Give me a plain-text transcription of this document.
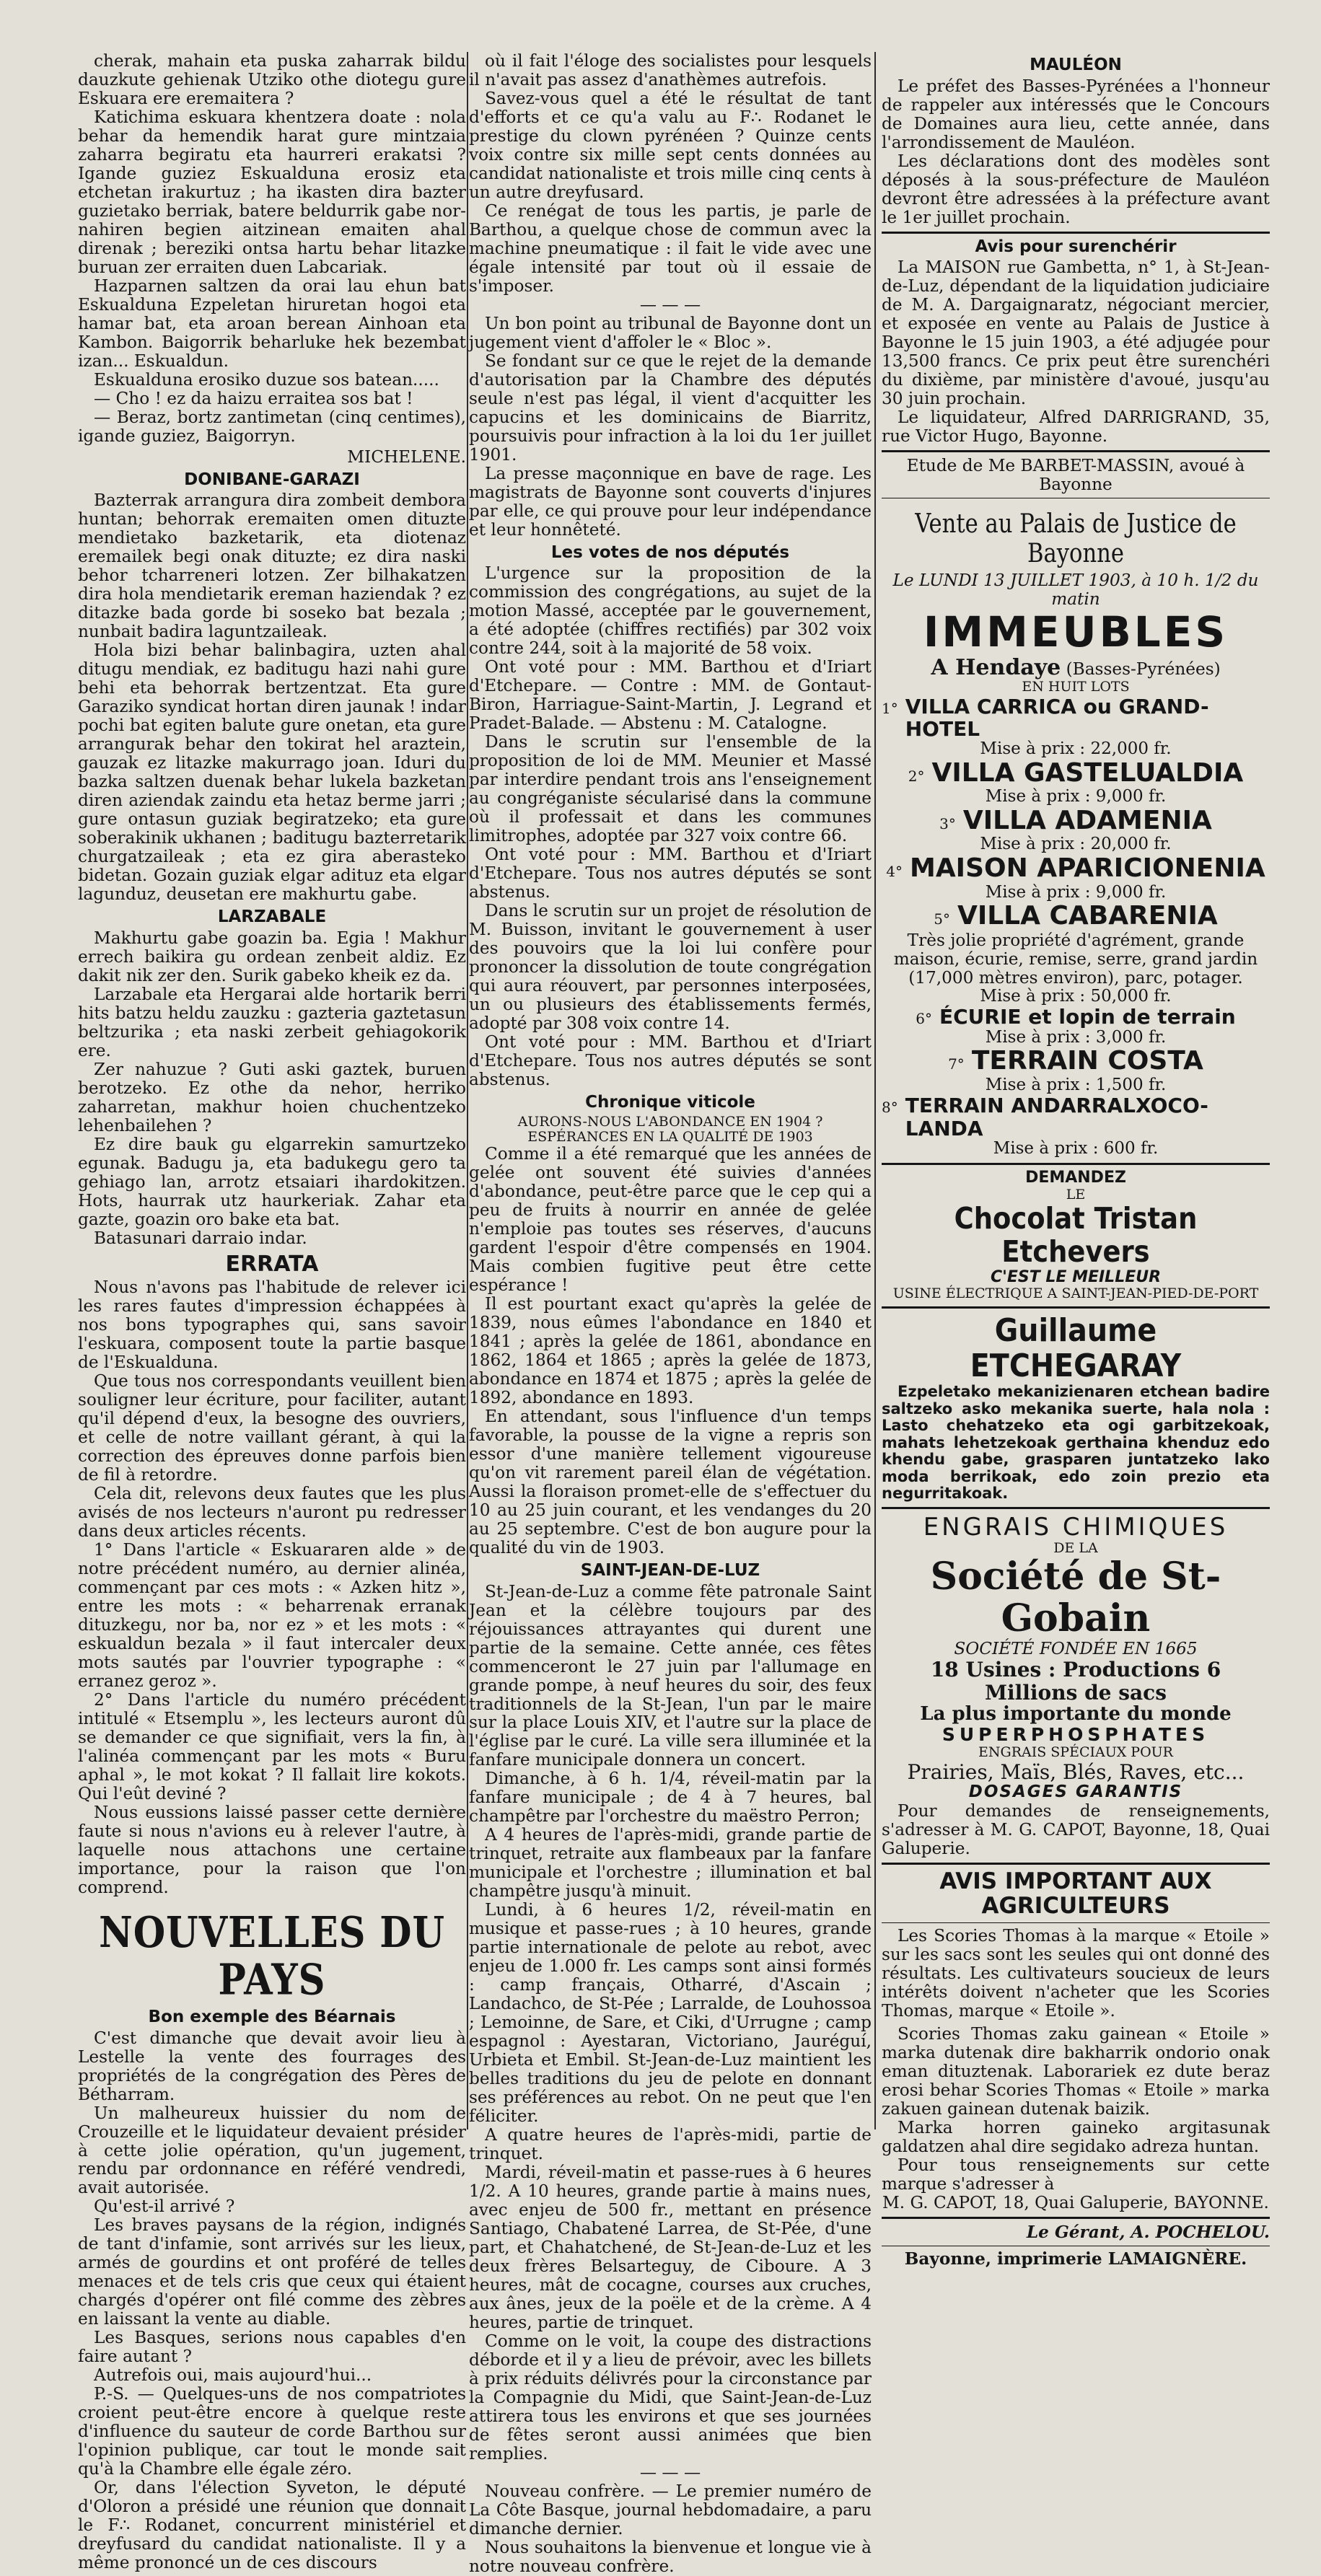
cherak, mahain eta puska zaharrak bildu dauzkute gehienak Utziko othe diotegu gure Eskuara ere eremaitera ?

Katichima eskuara khentzera doate : nola behar da hemendik harat gure mintzaia zaharra begiratu eta haurreri erakatsi ? Igande guziez Eskualduna erosiz eta etchetan irakurtuz ; ha ikasten dira bazter guzietako berriak, batere beldurrik gabe nor-nahiren begien aitzinean emaiten ahal direnak ; bereziki ontsa hartu behar litazke buruan zer erraiten duen Labcariak.

Hazparnen saltzen da orai lau ehun bat Eskualduna Ezpeletan hiruretan hogoi eta hamar bat, eta aroan berean Ainhoan eta Kambon. Baigorrik beharluke hek bezembat izan... Eskualdun.

Eskualduna erosiko duzue sos batean.....

— Cho ! ez da haizu erraitea sos bat !

— Beraz, bortz zantimetan (cinq centimes), igande guziez, Baigorryn.

MICHELENE.
DONIBANE-GARAZI

Bazterrak arrangura dira zombeit dembora huntan; behorrak eremaiten omen dituzte mendietako bazketarik, eta diotenaz eremailek begi onak dituzte; ez dira naski behor tcharreneri lotzen. Zer bilhakatzen dira hola mendietarik ereman haziendak ? ez ditazke bada gorde bi soseko bat bezala ; nunbait badira laguntzaileak.

Hola bizi behar balinbagira, uzten ahal ditugu mendiak, ez baditugu hazi nahi gure behi eta behorrak bertzentzat. Eta gure Garaziko syndicat hortan diren jaunak ! indar pochi bat egiten balute gure onetan, eta gure arrangurak behar den tokirat hel araztein, gauzak ez litazke makurrago joan. Iduri du bazka saltzen duenak behar lukela bazketan diren aziendak zaindu eta hetaz berme jarri ; gure ontasun guziak begiratzeko; eta gure soberakinik ukhanen ; baditugu bazterretarik churgatzaileak ; eta ez gira aberasteko bidetan. Gozain guziak elgar adituz eta elgar lagunduz, deusetan ere makhurtu gabe.

LARZABALE

Makhurtu gabe goazin ba. Egia ! Makhur errech baikira gu ordean zenbeit aldiz. Ez dakit nik zer den. Surik gabeko kheik ez da.

Larzabale eta Hergarai alde hortarik berri hits batzu heldu zauzku : gazteria gaztetasun beltzurika ; eta naski zerbeit gehiagokorik ere.

Zer nahuzue ? Guti aski gaztek, buruen berotzeko. Ez othe da nehor, herriko zaharretan, makhur hoien chuchentzeko lehenbailehen ?

Ez dire bauk gu elgarrekin samurtzeko egunak. Badugu ja, eta badukegu gero ta gehiago lan, arrotz etsaiari ihardokitzen. Hots, haurrak utz haurkeriak. Zahar eta gazte, goazin oro bake eta bat.

Batasunari darraio indar.

ERRATA

Nous n'avons pas l'habitude de relever ici les rares fautes d'impression échappées à nos bons typographes qui, sans savoir l'eskuara, composent toute la partie basque de l'Eskualduna.

Que tous nos correspondants veuillent bien souligner leur écriture, pour faciliter, autant qu'il dépend d'eux, la besogne des ouvriers, et celle de notre vaillant gérant, à qui la correction des épreuves donne parfois bien de fil à retordre.

Cela dit, relevons deux fautes que les plus avisés de nos lecteurs n'auront pu redresser dans deux articles récents.

1° Dans l'article « Eskuararen alde » de notre précédent numéro, au dernier alinéa, commençant par ces mots : « Azken hitz », entre les mots : « beharrenak erranak dituzkegu, nor ba, nor ez » et les mots : « eskualdun bezala » il faut intercaler deux mots sautés par l'ouvrier typographe : « erranez geroz ».

2° Dans l'article du numéro précédent intitulé « Etsemplu », les lecteurs auront dû se demander ce que signifiait, vers la fin, à l'alinéa commençant par les mots « Buru aphal », le mot kokat ? Il fallait lire kokots. Qui l'eût deviné ?

Nous eussions laissé passer cette dernière faute si nous n'avions eu à relever l'autre, à laquelle nous attachons une certaine importance, pour la raison que l'on comprend.

NOUVELLES DU PAYS
Bon exemple des Béarnais

C'est dimanche que devait avoir lieu à Lestelle la vente des fourrages des propriétés de la congrégation des Pères de Bétharram.

Un malheureux huissier du nom de Crouzeille et le liquidateur devaient présider à cette jolie opération, qu'un jugement, rendu par ordonnance en référé vendredi, avait autorisée.

Qu'est-il arrivé ?

Les braves paysans de la région, indignés de tant d'infamie, sont arrivés sur les lieux, armés de gourdins et ont proféré de telles menaces et de tels cris que ceux qui étaient chargés d'opérer ont filé comme des zèbres en laissant la vente au diable.

Les Basques, serions nous capables d'en faire autant ?

Autrefois oui, mais aujourd'hui...

P.-S. — Quelques-uns de nos compatriotes croient peut-être encore à quelque reste d'influence du sauteur de corde Barthou sur l'opinion publique, car tout le monde sait qu'à la Chambre elle égale zéro.

Or, dans l'élection Syveton, le député d'Oloron a présidé une réunion que donnait le F∴ Rodanet, concurrent ministériel et dreyfusard du candidat nationaliste. Il y a même prononcé un de ces discours

où il fait l'éloge des socialistes pour lesquels il n'avait pas assez d'anathèmes autrefois.

Savez-vous quel a été le résultat de tant d'efforts et ce qu'a valu au F∴ Rodanet le prestige du clown pyrénéen ? Quinze cents voix contre six mille sept cents données au candidat nationaliste et trois mille cinq cents à un autre dreyfusard.

Ce renégat de tous les partis, je parle de Barthou, a quelque chose de commun avec la machine pneumatique : il fait le vide avec une égale intensité par tout où il essaie de s'imposer.

— — —

Un bon point au tribunal de Bayonne dont un jugement vient d'affoler le « Bloc ».

Se fondant sur ce que le rejet de la demande d'autorisation par la Chambre des députés seule n'est pas légal, il vient d'acquitter les capucins et les dominicains de Biarritz, poursuivis pour infraction à la loi du 1er juillet 1901.

La presse maçonnique en bave de rage. Les magistrats de Bayonne sont couverts d'injures par elle, ce qui prouve pour leur indépendance et leur honnêteté.

Les votes de nos députés

L'urgence sur la proposition de la commission des congrégations, au sujet de la motion Massé, acceptée par le gouvernement, a été adoptée (chiffres rectifiés) par 302 voix contre 244, soit à la majorité de 58 voix.

Ont voté pour : MM. Barthou et d'Iriart d'Etchepare. — Contre : MM. de Gontaut-Biron, Harriague-Saint-Martin, J. Legrand et Pradet-Balade. — Abstenu : M. Catalogne.

Dans le scrutin sur l'ensemble de la proposition de loi de MM. Meunier et Massé par interdire pendant trois ans l'enseignement au congréganiste sécularisé dans la commune où il professait et dans les communes limitrophes, adoptée par 327 voix contre 66.

Ont voté pour : MM. Barthou et d'Iriart d'Etchepare. Tous nos autres députés se sont abstenus.

Dans le scrutin sur un projet de résolution de M. Buisson, invitant le gouvernement à user des pouvoirs que la loi lui confère pour prononcer la dissolution de toute congrégation qui aura réouvert, par personnes interposées, un ou plusieurs des établissements fermés, adopté par 308 voix contre 14.

Ont voté pour : MM. Barthou et d'Iriart d'Etchepare. Tous nos autres députés se sont abstenus.

Chronique viticole
AURONS-NOUS L'ABONDANCE EN 1904 ?
ESPÉRANCES EN LA QUALITÉ DE 1903

Comme il a été remarqué que les années de gelée ont souvent été suivies d'années d'abondance, peut-être parce que le cep qui a peu de fruits à nourrir en année de gelée n'emploie pas toutes ses réserves, d'aucuns gardent l'espoir d'être compensés en 1904. Mais combien fugitive peut être cette espérance !

Il est pourtant exact qu'après la gelée de 1839, nous eûmes l'abondance en 1840 et 1841 ; après la gelée de 1861, abondance en 1862, 1864 et 1865 ; après la gelée de 1873, abondance en 1874 et 1875 ; après la gelée de 1892, abondance en 1893.

En attendant, sous l'influence d'un temps favorable, la pousse de la vigne a repris son essor d'une manière tellement vigoureuse qu'on vit rarement pareil élan de végétation. Aussi la floraison promet-elle de s'effectuer du 10 au 25 juin courant, et les vendanges du 20 au 25 septembre. C'est de bon augure pour la qualité du vin de 1903.

SAINT-JEAN-DE-LUZ

St-Jean-de-Luz a comme fête patronale Saint Jean et la célèbre toujours par des réjouissances attrayantes qui durent une partie de la semaine. Cette année, ces fêtes commenceront le 27 juin par l'allumage en grande pompe, à neuf heures du soir, des feux traditionnels de la St-Jean, l'un par le maire sur la place Louis XIV, et l'autre sur la place de l'église par le curé. La ville sera illuminée et la fanfare municipale donnera un concert.

Dimanche, à 6 h. 1/4, réveil-matin par la fanfare municipale ; de 4 à 7 heures, bal champêtre par l'orchestre du maëstro Perron;

A 4 heures de l'après-midi, grande partie de trinquet, retraite aux flambeaux par la fanfare municipale et l'orchestre ; illumination et bal champêtre jusqu'à minuit.

Lundi, à 6 heures 1/2, réveil-matin en musique et passe-rues ; à 10 heures, grande partie internationale de pelote au rebot, avec enjeu de 1.000 fr. Les camps sont ainsi formés : camp français, Otharré, d'Ascain ; Landachco, de St-Pée ; Larralde, de Louhossoa ; Lemoinne, de Sare, et Ciki, d'Urrugne ; camp espagnol : Ayestaran, Victoriano, Jauréguí, Urbieta et Embil. St-Jean-de-Luz maintient les belles traditions du jeu de pelote en donnant ses préférences au rebot. On ne peut que l'en féliciter.

A quatre heures de l'après-midi, partie de trinquet.

Mardi, réveil-matin et passe-rues à 6 heures 1/2. A 10 heures, grande partie à mains nues, avec enjeu de 500 fr., mettant en présence Santiago, Chabatené Larrea, de St-Pée, d'une part, et Chahatchené, de St-Jean-de-Luz et les deux frères Belsarteguy, de Ciboure. A 3 heures, mât de cocagne, courses aux cruches, aux ânes, jeux de la poële et de la crème. A 4 heures, partie de trinquet.

Comme on le voit, la coupe des distractions déborde et il y a lieu de prévoir, avec les billets à prix réduits délivrés pour la circonstance par la Compagnie du Midi, que Saint-Jean-de-Luz attirera tous les environs et que ses journées de fêtes seront aussi animées que bien remplies.

— — —

Nouveau confrère. — Le premier numéro de La Côte Basque, journal hebdomadaire, a paru dimanche dernier.

Nous souhaitons la bienvenue et longue vie à notre nouveau confrère.

MAULÉON

Le préfet des Basses-Pyrénées a l'honneur de rappeler aux intéressés que le Concours de Domaines aura lieu, cette année, dans l'arrondissement de Mauléon.

Les déclarations dont des modèles sont déposés à la sous-préfecture de Mauléon devront être adressées à la préfecture avant le 1er juillet prochain.

Avis pour surenchérir

La MAISON rue Gambetta, n° 1, à St-Jean-de-Luz, dépendant de la liquidation judiciaire de M. A. Dargaignaratz, négociant mercier, et exposée en vente au Palais de Justice à Bayonne le 15 juin 1903, a été adjugée pour 13,500 francs. Ce prix peut être surenchéri du dixième, par ministère d'avoué, jusqu'au 30 juin prochain.

Le liquidateur, Alfred DARRIGRAND, 35, rue Victor Hugo, Bayonne.

Etude de Me BARBET-MASSIN, avoué à Bayonne
Vente au Palais de Justice de Bayonne
Le LUNDI 13 JUILLET 1903, à 10 h. 1/2 du matin
IMMEUBLES
A Hendaye (Basses-Pyrénées)
EN HUIT LOTS
1° VILLA CARRICA ou GRAND-HOTEL
Mise à prix : 22,000 fr.
2° VILLA GASTELUALDIA
Mise à prix : 9,000 fr.
3° VILLA ADAMENIA
Mise à prix : 20,000 fr.
4° MAISON APARICIONENIA
Mise à prix : 9,000 fr.
5° VILLA CABARENIA
Très jolie propriété d'agrément, grande maison, écurie, remise, serre, grand jardin (17,000 mètres environ), parc, potager.
Mise à prix : 50,000 fr.
6° ÉCURIE et lopin de terrain
Mise à prix : 3,000 fr.
7° TERRAIN COSTA
Mise à prix : 1,500 fr.
8° TERRAIN ANDARRALXOCO-LANDA
Mise à prix : 600 fr.
DEMANDEZ
LE
Chocolat Tristan Etchevers
C'EST LE MEILLEUR
USINE ÉLECTRIQUE A SAINT-JEAN-PIED-DE-PORT
Guillaume ETCHEGARAY

Ezpeletako mekanizienaren etchean badire saltzeko asko mekanika suerte, hala nola : Lasto chehatzeko eta ogi garbitzekoak, mahats lehetzekoak gerthaina khenduz edo khendu gabe, grasparen juntatzeko lako moda berrikoak, edo zoin prezio eta negurritakoak.

ENGRAIS CHIMIQUES
DE LA
Société de St-Gobain
SOCIÉTÉ FONDÉE EN 1665
18 Usines : Productions 6 Millions de sacs
La plus importante du monde
SUPERPHOSPHATES
ENGRAIS SPÉCIAUX POUR
Prairies, Maïs, Blés, Raves, etc...
DOSAGES GARANTIS

Pour demandes de renseignements, s'adresser à M. G. CAPOT, Bayonne, 18, Quai Galuperie.

AVIS IMPORTANT AUX AGRICULTEURS

Les Scories Thomas à la marque « Etoile » sur les sacs sont les seules qui ont donné des résultats. Les cultivateurs soucieux de leurs intérêts doivent n'acheter que les Scories Thomas, marque « Etoile ».

Scories Thomas zaku gainean « Etoile » marka dutenak dire bakharrik ondorio onak eman dituztenak. Laborariek ez dute beraz erosi behar Scories Thomas « Etoile » marka zakuen gainean dutenak baizik.

Marka horren gaineko argitasunak galdatzen ahal dire segidako adreza huntan.

Pour tous renseignements sur cette marque s'adresser à

M. G. CAPOT, 18, Quai Galuperie, BAYONNE.
Le Gérant, A. POCHELOU.
Bayonne, imprimerie LAMAIGNÈRE.
